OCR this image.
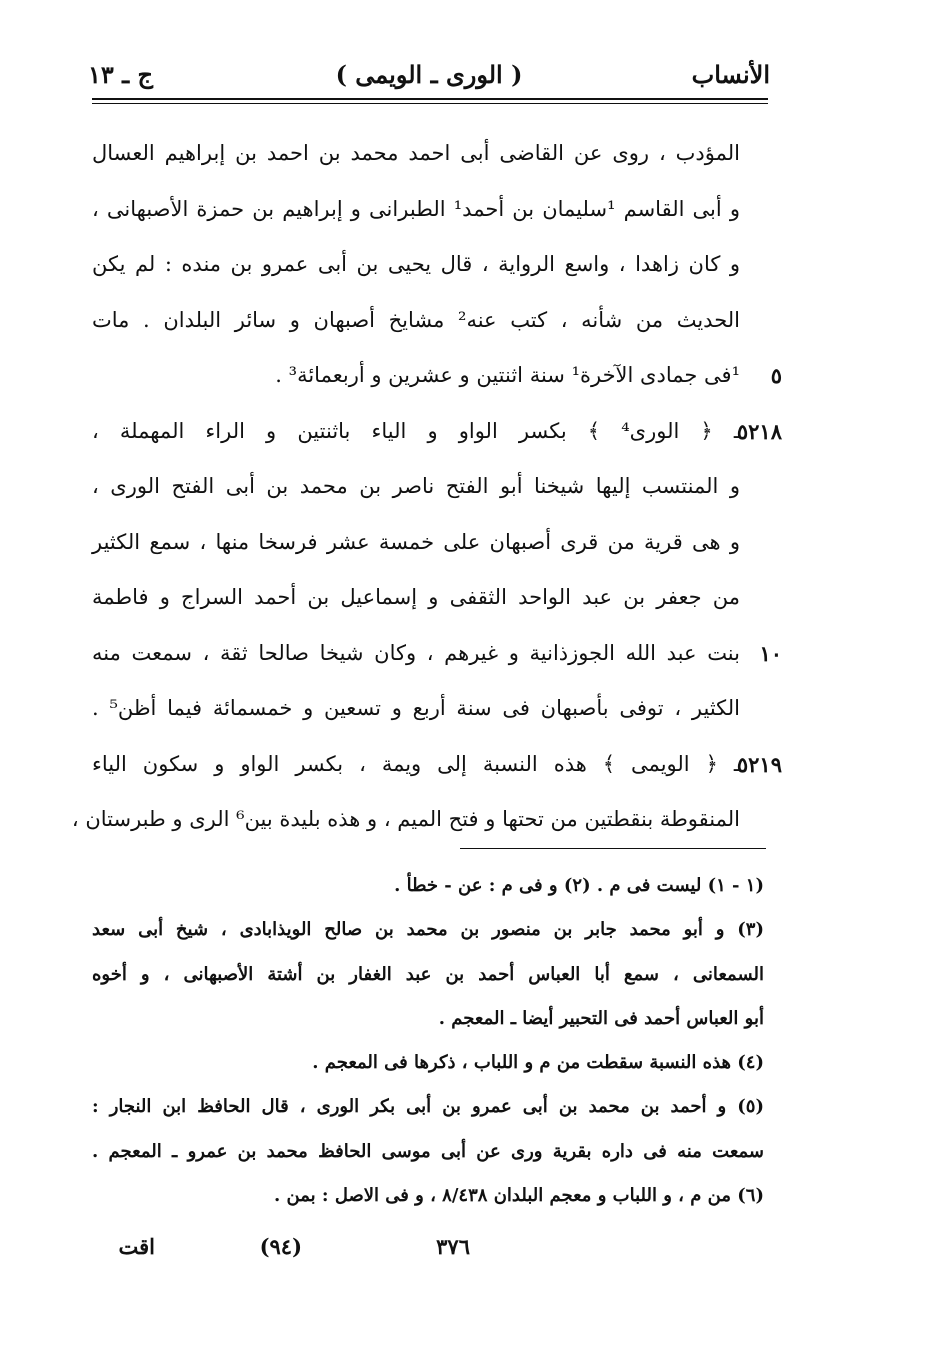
الأنساب
( الورى ـ الويمى )
ج ـ ١٣
المؤدب ، روى عن القاضى أبى احمد محمد بن احمد بن إبراهيم العسال
و أبى القاسم ¹سليمان بن أحمد¹ الطبرانى و إبراهيم بن حمزة الأصبهانى ،
و كان زاهدا ، واسع الرواية ، قال يحيى بن أبى عمرو بن منده : لم يكن
الحديث من شأنه ، كتب عنه² مشايخ أصبهان و سائر البلدان . مات
٥
¹فى جمادى الآخرة¹ سنة اثنتين و عشرين و أربعمائة³ .
٥٢١٨
ـ ﴿ الورى⁴ ﴾ بكسر الواو و الياء باثنتين و الراء المهملة ،
و المنتسب إليها شيخنا أبو الفتح ناصر بن محمد بن أبى الفتح الورى ،
و هى قرية من قرى أصبهان على خمسة عشر فرسخا منها ، سمع الكثير
من جعفر بن عبد الواحد الثقفى و إسماعيل بن أحمد السراج و فاطمة
١٠
بنت عبد الله الجوزذانية و غيرهم ، وكان شيخا صالحا ثقة ، سمعت منه
الكثير ، توفى بأصبهان فى سنة أربع و تسعين و خمسمائة فيما أظن⁵ .
٥٢١٩
ـ ﴿ الويمى ﴾ هذه النسبة إلى ويمة ، بكسر الواو و سكون الياء
المنقوطة بنقطتين من تحتها و فتح الميم ، و هذه بليدة بين⁶ الرى و طبرستان ،
(١ - ١) ليست فى م . (٢) و فى م : عن - خطأ .
(٣) و أبو محمد جابر بن منصور بن محمد بن صالح الويذابادى ، شيخ أبى سعد
السمعانى ، سمع أبا العباس أحمد بن عبد الغفار بن أشتة الأصبهانى ، و أخوه
أبو العباس أحمد فى التحبير أيضا ـ المعجم .
(٤) هذه النسبة سقطت من م و اللباب ، ذكرها فى المعجم .
(٥) و أحمد بن محمد بن أبى عمرو بن أبى بكر الورى ، قال الحافظ ابن النجار :
سمعت منه فى داره بقرية ورى عن أبى موسى الحافظ محمد بن عمرو ـ المعجم .
(٦) من م ، و اللباب و معجم البلدان ٨/٤٣٨ ، و فى الاصل : بمن .
٣٧٦
(٩٤)
اقت
